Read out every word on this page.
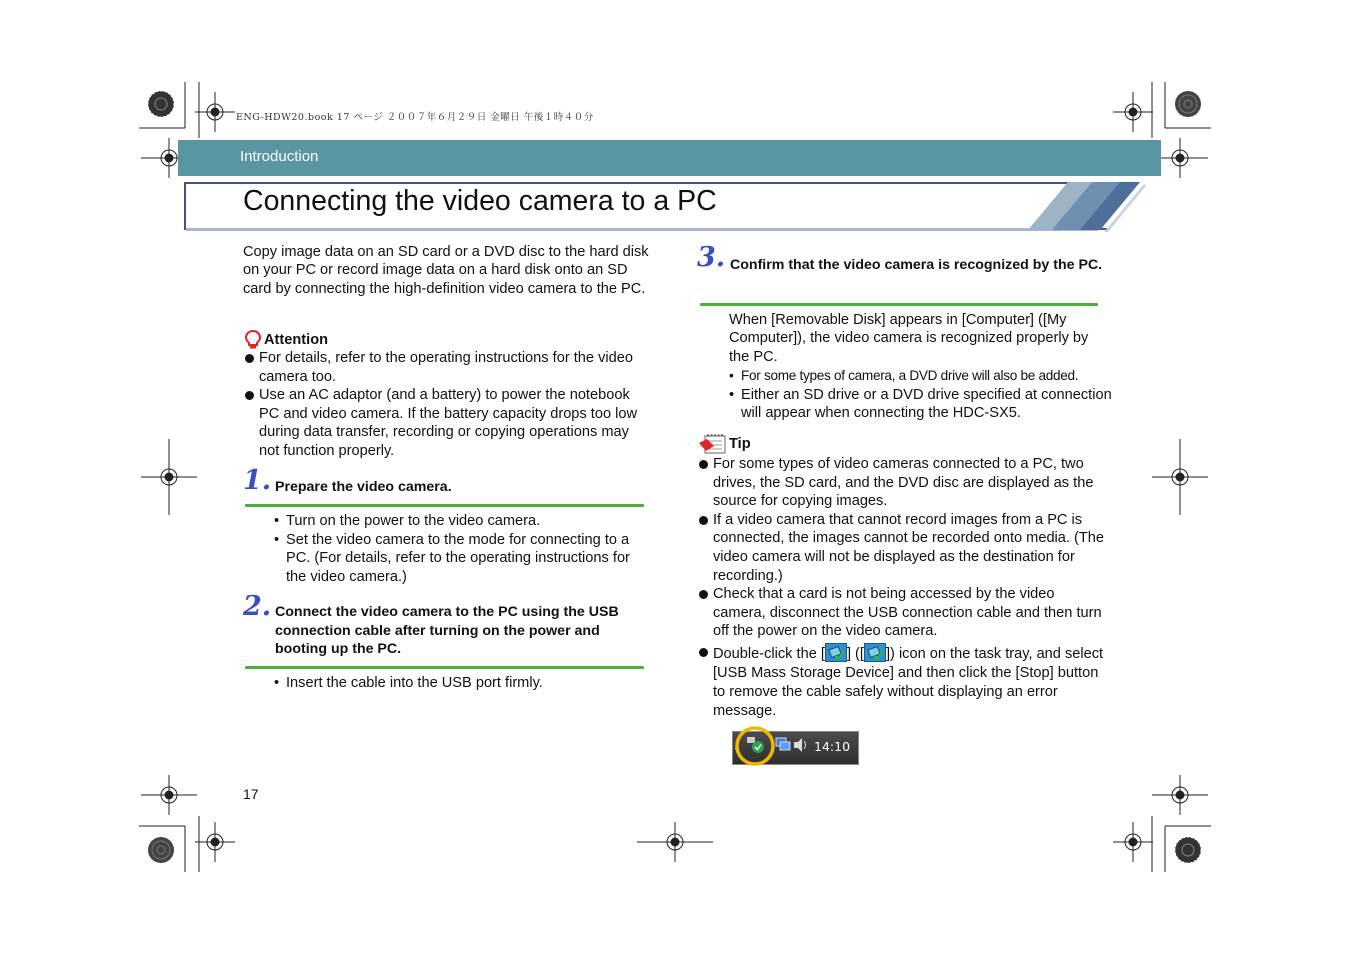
ENG-HDW20.book 17 ページ ２００７年６月２９日 金曜日 午後１時４０分
Introduction
Connecting the video camera to a PC
Copy image data on an SD card or a DVD disc to the hard disk on your PC or record image data on a hard disk onto an SD card by connecting the high-definition video camera to the PC.
Attention
For details, refer to the operating instructions for the video camera too.
Use an AC adaptor (and a battery) to power the notebook PC and video camera. If the battery capacity drops too low during data transfer, recording or copying operations may not function properly.
1. Prepare the video camera.
• Turn on the power to the video camera.
• Set the video camera to the mode for connecting to a PC. (For details, refer to the operating instructions for the video camera.)
2. Connect the video camera to the PC using the USB connection cable after turning on the power and booting up the PC.
• Insert the cable into the USB port firmly.
17
3. Confirm that the video camera is recognized by the PC.
When [Removable Disk] appears in [Computer] ([My Computer]), the video camera is recognized properly by the PC.
• For some types of camera, a DVD drive will also be added.
• Either an SD drive or a DVD drive specified at connection will appear when connecting the HDC-SX5.
Tip
For some types of video cameras connected to a PC, two drives, the SD card, and the DVD disc are displayed as the source for copying images.
If a video camera that cannot record images from a PC is connected, the images cannot be recorded onto media. (The video camera will not be displayed as the destination for recording.)
Check that a card is not being accessed by the video camera, disconnect the USB connection cable and then turn off the power on the video camera.
Double-click the [ ] ([ ]) icon on the task tray, and select [USB Mass Storage Device] and then click the [Stop] button to remove the cable safely without displaying an error message.
‹	14:10
